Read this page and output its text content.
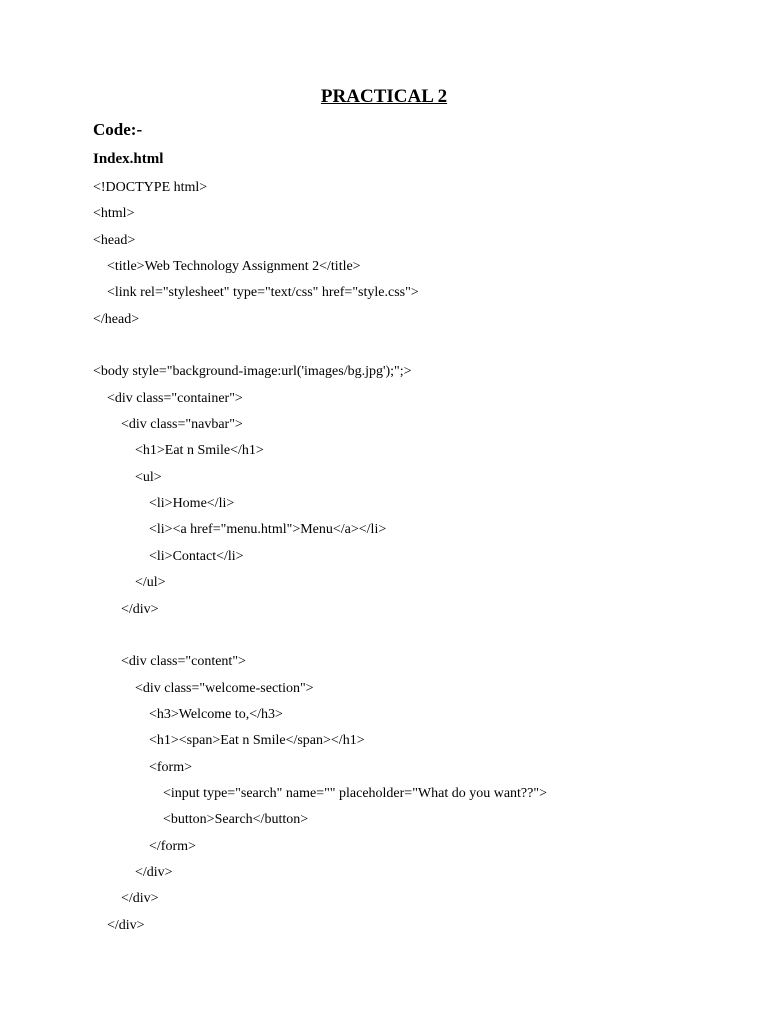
PRACTICAL 2
Code:-
Index.html
<!DOCTYPE html>
<html>
<head>
<title>Web Technology Assignment 2</title>
<link rel="stylesheet" type="text/css" href="style.css">
</head>
<body style="background-image:url('images/bg.jpg');";>
<div class="container">
<div class="navbar">
<h1>Eat n Smile</h1>
<ul>
<li>Home</li>
<li><a href="menu.html">Menu</a></li>
<li>Contact</li>
</ul>
</div>
<div class="content">
<div class="welcome-section">
<h3>Welcome to,</h3>
<h1><span>Eat n Smile</span></h1>
<form>
<input type="search" name="" placeholder="What do you want??">
<button>Search</button>
</form>
</div>
</div>
</div>
